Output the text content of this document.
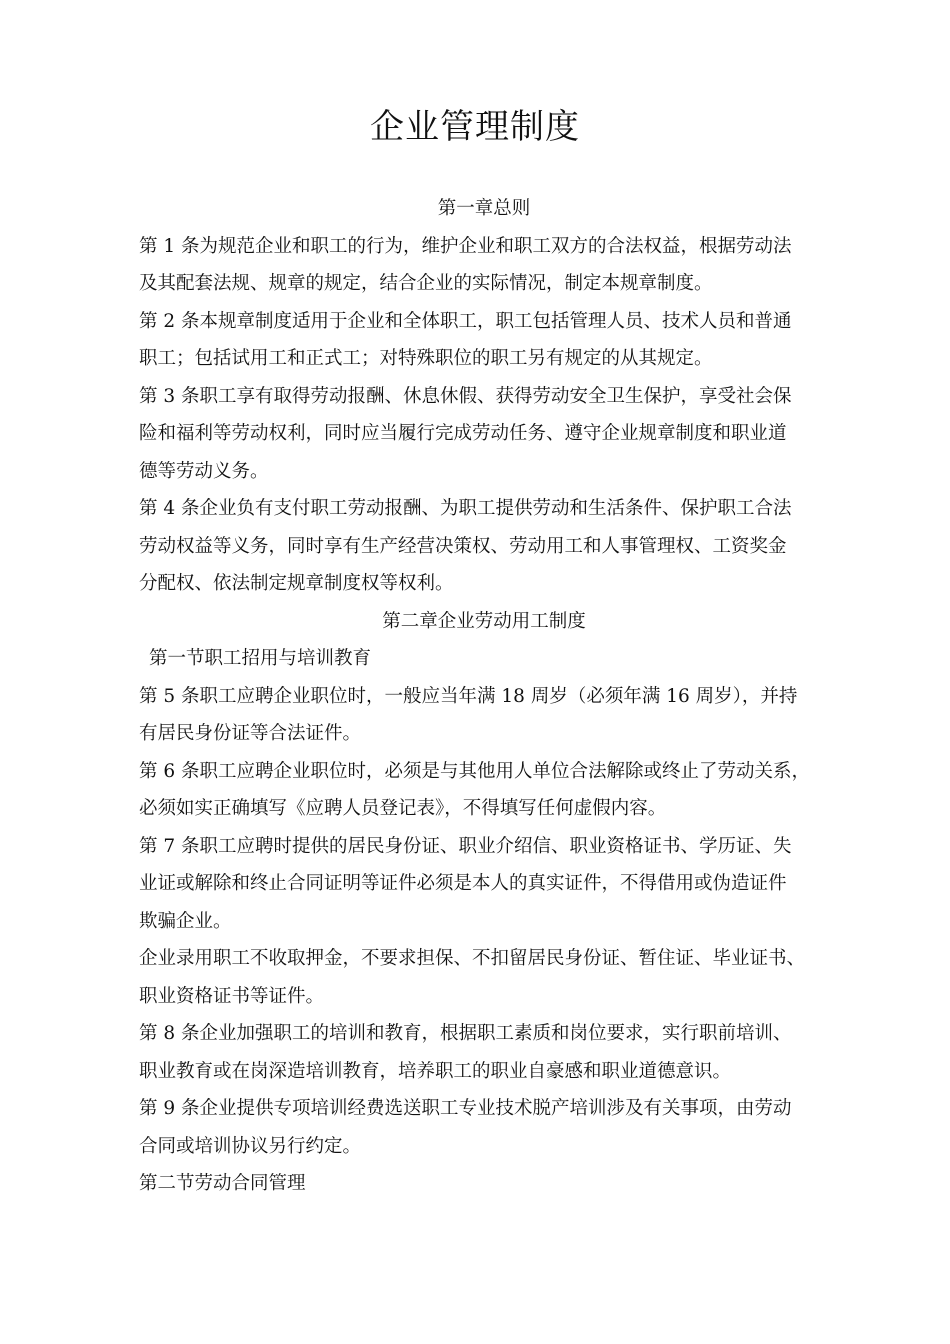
企业管理制度
第一章总则
第 1 条为规范企业和职工的行为，维护企业和职工双方的合法权益，根据劳动法
及其配套法规、规章的规定，结合企业的实际情况，制定本规章制度。
第 2 条本规章制度适用于企业和全体职工，职工包括管理人员、技术人员和普通
职工；包括试用工和正式工；对特殊职位的职工另有规定的从其规定。
第 3 条职工享有取得劳动报酬、休息休假、获得劳动安全卫生保护，享受社会保
险和福利等劳动权利，同时应当履行完成劳动任务、遵守企业规章制度和职业道
德等劳动义务。
第 4 条企业负有支付职工劳动报酬、为职工提供劳动和生活条件、保护职工合法
劳动权益等义务，同时享有生产经营决策权、劳动用工和人事管理权、工资奖金
分配权、依法制定规章制度权等权利。
第二章企业劳动用工制度
第一节职工招用与培训教育
第 5 条职工应聘企业职位时，一般应当年满 18 周岁（必须年满 16 周岁），并持
有居民身份证等合法证件。
第 6 条职工应聘企业职位时，必须是与其他用人单位合法解除或终止了劳动关系，
必须如实正确填写《应聘人员登记表》，不得填写任何虚假内容。
第 7 条职工应聘时提供的居民身份证、职业介绍信、职业资格证书、学历证、失
业证或解除和终止合同证明等证件必须是本人的真实证件，不得借用或伪造证件
欺骗企业。
企业录用职工不收取押金，不要求担保、不扣留居民身份证、暂住证、毕业证书、
职业资格证书等证件。
第 8 条企业加强职工的培训和教育，根据职工素质和岗位要求，实行职前培训、
职业教育或在岗深造培训教育，培养职工的职业自豪感和职业道德意识。
第 9 条企业提供专项培训经费选送职工专业技术脱产培训涉及有关事项，由劳动
合同或培训协议另行约定。
第二节劳动合同管理
